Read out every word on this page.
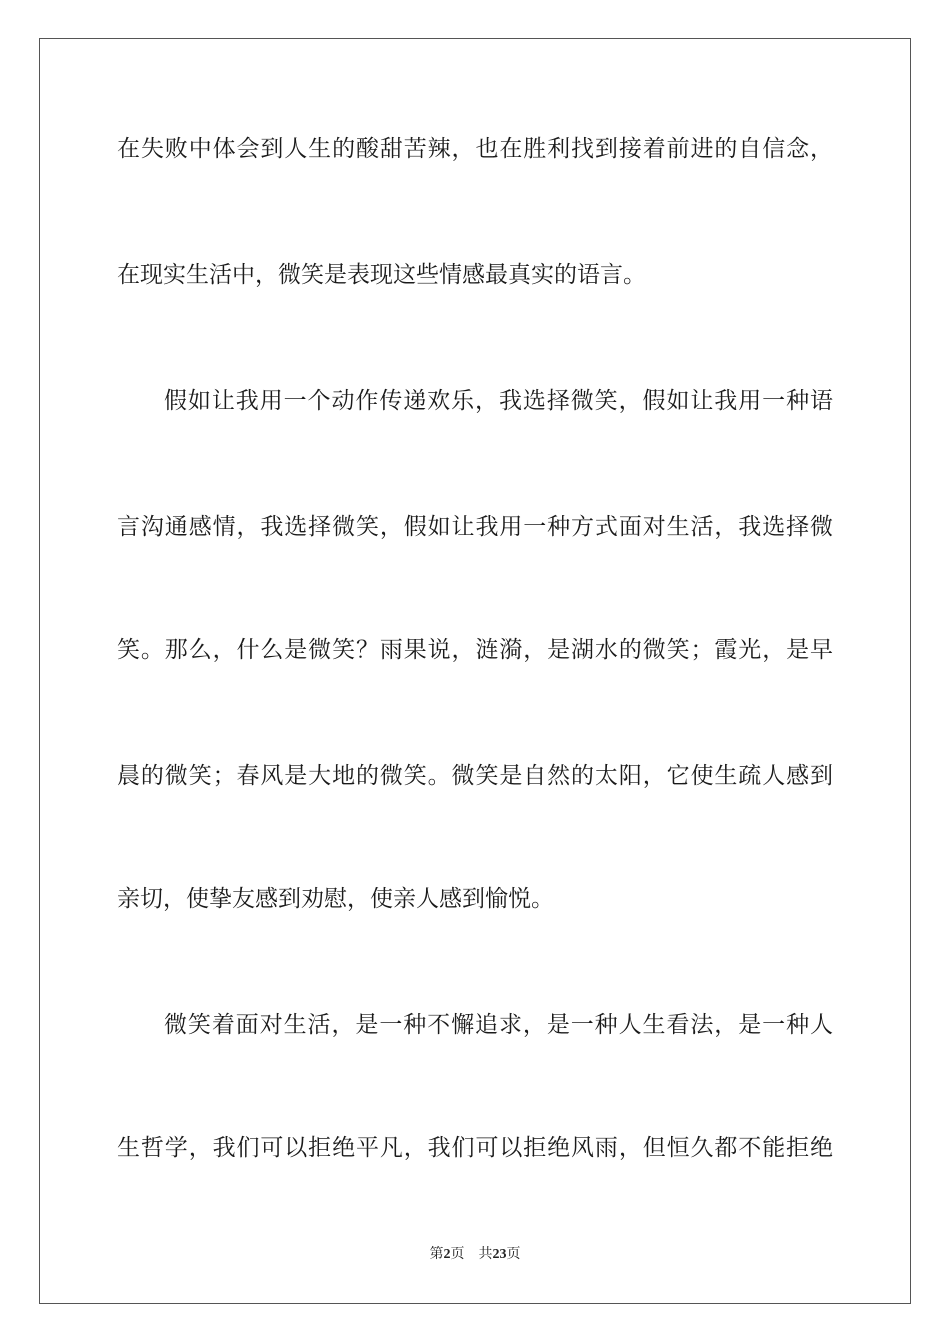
在失败中体会到人生的酸甜苦辣，也在胜利找到接着前进的自信念，
在现实生活中，微笑是表现这些情感最真实的语言。
假如让我用一个动作传递欢乐，我选择微笑，假如让我用一种语
言沟通感情，我选择微笑，假如让我用一种方式面对生活，我选择微
笑。那么，什么是微笑？雨果说，涟漪，是湖水的微笑；霞光，是早
晨的微笑；春风是大地的微笑。微笑是自然的太阳，它使生疏人感到
亲切，使挚友感到劝慰，使亲人感到愉悦。
微笑着面对生活，是一种不懈追求，是一种人生看法，是一种人
生哲学，我们可以拒绝平凡，我们可以拒绝风雨，但恒久都不能拒绝
第2页 共23页
